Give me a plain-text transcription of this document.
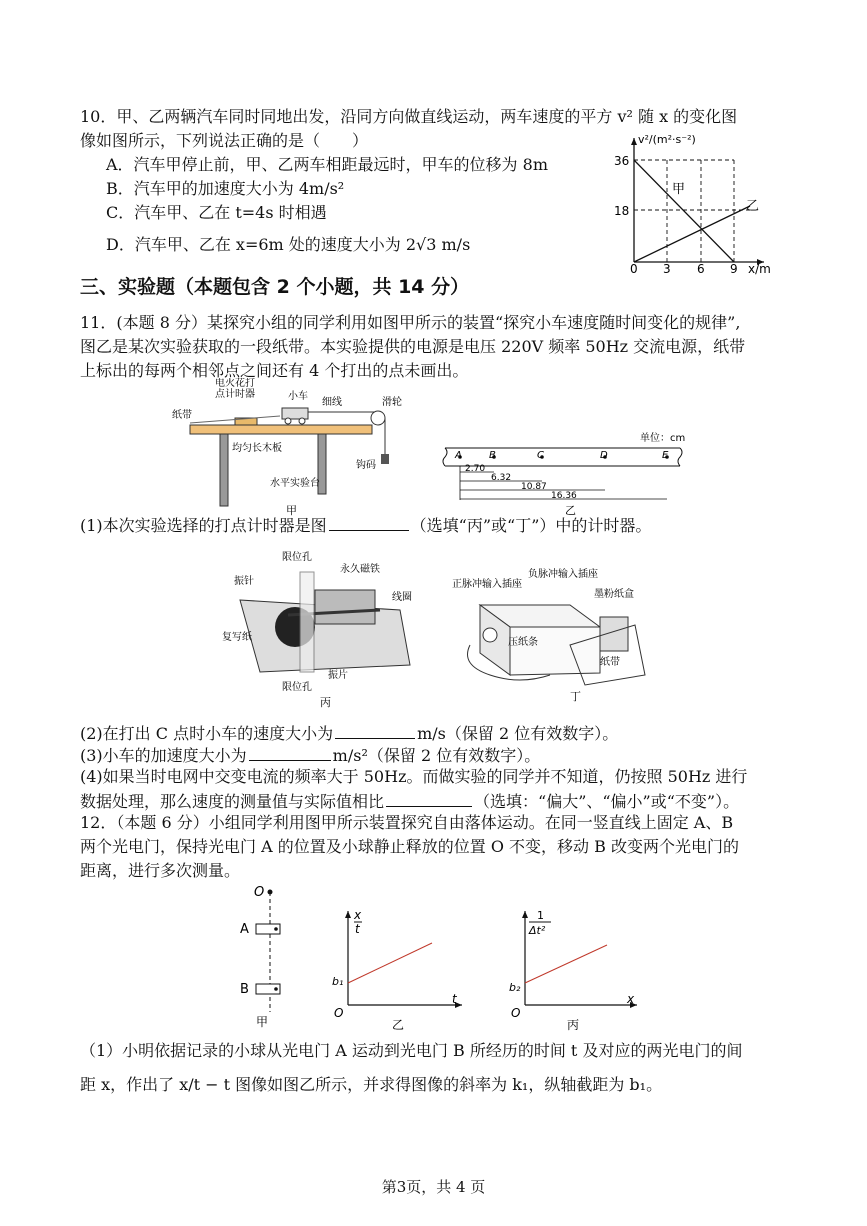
10．甲、乙两辆汽车同时同地出发，沿同方向做直线运动，两车速度的平方 v² 随 x 的变化图
像如图所示，下列说法正确的是（　　）
A．汽车甲停止前，甲、乙两车相距最远时，甲车的位移为 8m
B．汽车甲的加速度大小为 4m/s²
C．汽车甲、乙在 t=4s 时相遇
D．汽车甲、乙在 x=6m 处的速度大小为 2√3 m/s
v²/(m²·s⁻²)
36
18
0 3 6 9 x/m
甲
乙
三、实验题（本题包含 2 个小题，共 14 分）
11．(本题 8 分）某探究小组的同学利用如图甲所示的装置“探究小车速度随时间变化的规律”,
图乙是某次实验获取的一段纸带。本实验提供的电源是电压 220V 频率 50Hz 交流电源，纸带
上标出的每两个相邻点之间还有 4 个打出的点未画出。
电火花打
点计时器	小车
细线	滑轮
纸带
均匀长木板
水平实验台
钩码
甲
单位：cm
A	B	C	D	E
2.70
6.32
10.87
16.36
乙
(1)本次实验选择的打点计时器是图	（选填“丙”或“丁”）中的计时器。
限位孔
永久磁铁
振针
线圈
复写纸
振片
限位孔
丙
正脉冲输入插座
负脉冲输入插座
墨粉纸盒
压纸条
纸带
丁
(2)在打出 C 点时小车的速度大小为	m/s（保留 2 位有效数字）。
(3)小车的加速度大小为	m/s²（保留 2 位有效数字）。
(4)如果当时电网中交变电流的频率大于 50Hz。而做实验的同学并不知道，仍按照 50Hz 进行
数据处理，那么速度的测量值与实际值相比	（选填：“偏大”、“偏小”或“不变”）。
12．（本题 6 分）小组同学利用图甲所示装置探究自由落体运动。在同一竖直线上固定 A、B
两个光电门，保持光电门 A 的位置及小球静止释放的位置 O 不变，移动 B 改变两个光电门的
距离，进行多次测量。
O
A
B
甲
x
t
b₁
O
t
乙
1
Δt²
b₂
O
x
丙
（1）小明依据记录的小球从光电门 A 运动到光电门 B 所经历的时间 t 及对应的两光电门的间
距 x，作出了 x/t − t 图像如图乙所示，并求得图像的斜率为 k₁，纵轴截距为 b₁。
第3页，共 4 页
